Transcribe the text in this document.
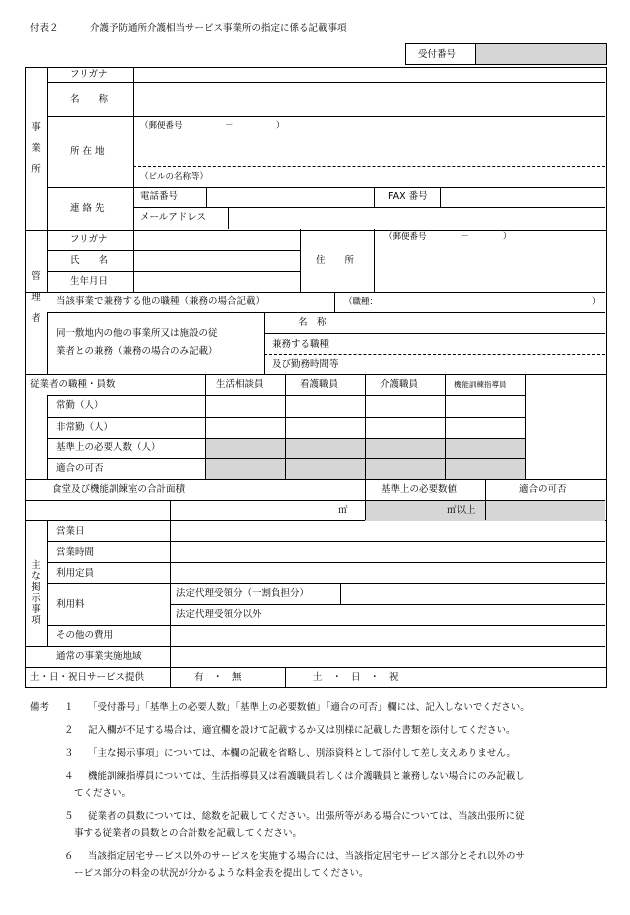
付表２	介護予防通所介護相当サービス事業所の指定に係る記載事項
受付番号
事
業
所
フリガナ
名　　称
所 在 地
（郵便番号　　　　　－　　　　　）
（ビルの名称等）
連 絡 先
電話番号	FAX 番号
メールアドレス
管
理
者
フリガナ
氏　　名
生年月日
住　　所
（郵便番号　　　　－　　　　）
当該事業で兼務する他の職種（兼務の場合記載）	（職種：	）
同一敷地内の他の事業所又は施設の従
業者との兼務（兼務の場合のみ記載）
名　称
兼務する職種
及び勤務時間等
従業者の職種・員数	生活相談員	看護職員	介護職員	機能訓練指導員
常勤（人）
非常勤（人）
基準上の必要人数（人）
適合の可否
食堂及び機能訓練室の合計面積	基準上の必要数値	適合の可否
㎡	㎡以上
主
な
掲
示
事
項
営業日
営業時間
利用定員
利用料
法定代理受領分（一割負担分）
法定代理受領分以外
その他の費用
通常の事業実施地域
土・日・祝日サービス提供	有　・　無	土　・　日　・　祝
備考 １ 「受付番号」「基準上の必要人数」「基準上の必要数値」「適合の可否」欄には、記入しないでください。
２ 記入欄が不足する場合は、適宜欄を設けて記載するか又は別様に記載した書類を添付してください。
３ 「主な掲示事項」については、本欄の記載を省略し、別添資料として添付して差し支えありません。
４ 機能訓練指導員については、生活指導員又は看護職員若しくは介護職員と兼務しない場合にのみ記載し
てください。
５ 従業者の員数については、総数を記載してください。出張所等がある場合については、当該出張所に従
事する従業者の員数との合計数を記載してください。
６ 当該指定居宅サービス以外のサービスを実施する場合には、当該指定居宅サービス部分とそれ以外のサ
ービス部分の料金の状況が分かるような料金表を提出してください。
